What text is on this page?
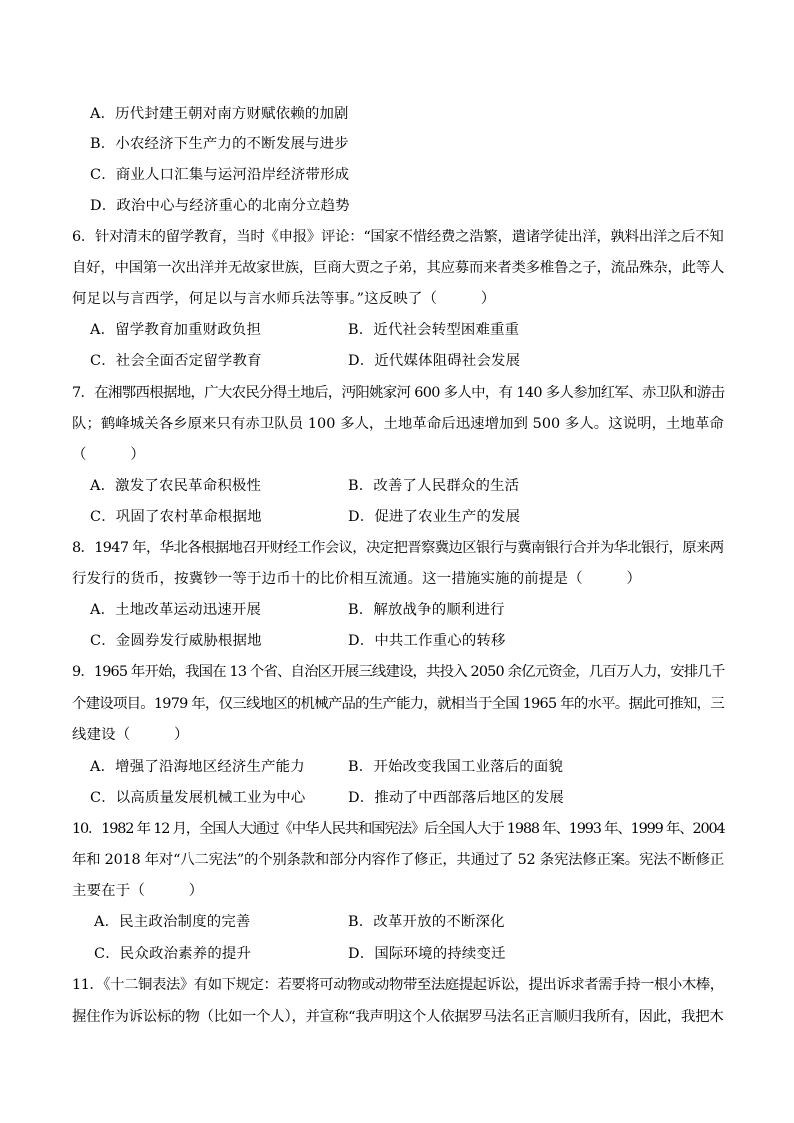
A．历代封建王朝对南方财赋依赖的加剧
B．小农经济下生产力的不断发展与进步
C．商业人口汇集与运河沿岸经济带形成
D．政治中心与经济重心的北南分立趋势
6．针对清末的留学教育，当时《申报》评论：“国家不惜经费之浩繁，遣诸学徒出洋，孰料出洋之后不知
自好，中国第一次出洋并无故家世族，巨商大贾之子弟，其应募而来者类多椎鲁之子，流品殊杂，此等人
何足以与言西学，何足以与言水师兵法等事。”这反映了（　　　）
A．留学教育加重财政负担	B．近代社会转型困难重重
C．社会全面否定留学教育	D．近代媒体阻碍社会发展
7．在湘鄂西根据地，广大农民分得土地后，沔阳姚家河 600 多人中，有 140 多人参加红军、赤卫队和游击
队；鹤峰城关各乡原来只有赤卫队员 100 多人，土地革命后迅速增加到 500 多人。这说明，土地革命
（　　　）
A．激发了农民革命积极性	B．改善了人民群众的生活
C．巩固了农村革命根据地	D．促进了农业生产的发展
8．1947 年，华北各根据地召开财经工作会议，决定把晋察冀边区银行与冀南银行合并为华北银行，原来两
行发行的货币，按冀钞一等于边币十的比价相互流通。这一措施实施的前提是（　　　）
A．土地改革运动迅速开展	B．解放战争的顺利进行
C．金圆券发行威胁根据地	D．中共工作重心的转移
9．1965 年开始，我国在 13 个省、自治区开展三线建设，共投入 2050 余亿元资金，几百万人力，安排几千
个建设项目。1979 年，仅三线地区的机械产品的生产能力，就相当于全国 1965 年的水平。据此可推知，三
线建设（　　　）
A．增强了沿海地区经济生产能力	B．开始改变我国工业落后的面貌
C．以高质量发展机械工业为中心	D．推动了中西部落后地区的发展
10．1982 年 12 月，全国人大通过《中华人民共和国宪法》后全国人大于 1988 年、1993 年、1999 年、2004
年和 2018 年对“八二宪法”的个别条款和部分内容作了修正，共通过了 52 条宪法修正案。宪法不断修正
主要在于（　　　）
A．民主政治制度的完善	B．改革开放的不断深化
C．民众政治素养的提升	D．国际环境的持续变迁
11．《十二铜表法》有如下规定：若要将可动物或动物带至法庭提起诉讼，提出诉求者需手持一根小木棒，
握住作为诉讼标的物（比如一个人），并宣称“我声明这个人依据罗马法名正言顺归我所有，因此，我把木
